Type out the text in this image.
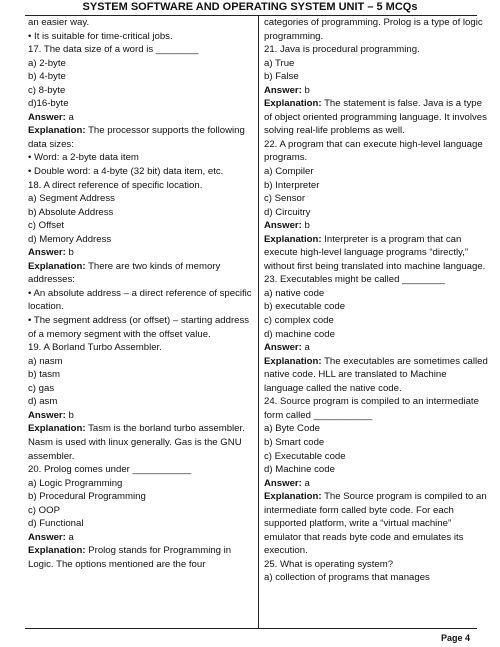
SYSTEM SOFTWARE AND OPERATING SYSTEM UNIT – 5 MCQs
an easier way.
• It is suitable for time-critical jobs.
17. The data size of a word is ________
a) 2-byte
b) 4-byte
c) 8-byte
d)16-byte
Answer: a
Explanation: The processor supports the following data sizes:
• Word: a 2-byte data item
• Double word: a 4-byte (32 bit) data item, etc.
18. A direct reference of specific location.
a) Segment Address
b) Absolute Address
c) Offset
d) Memory Address
Answer: b
Explanation: There are two kinds of memory addresses:
• An absolute address – a direct reference of specific location.
• The segment address (or offset) – starting address of a memory segment with the offset value.
19. A Borland Turbo Assembler.
a) nasm
b) tasm
c) gas
d) asm
Answer: b
Explanation: Tasm is the borland turbo assembler. Nasm is used with linux generally. Gas is the GNU assembler.
20. Prolog comes under ___________
a) Logic Programming
b) Procedural Programming
c) OOP
d) Functional
Answer: a
Explanation: Prolog stands for Programming in Logic. The options mentioned are the four
categories of programming. Prolog is a type of logic programming.
21. Java is procedural programming.
a) True
b) False
Answer: b
Explanation: The statement is false. Java is a type of object oriented programming language. It involves solving real-life problems as well.
22. A program that can execute high-level language programs.
a) Compiler
b) Interpreter
c) Sensor
d) Circuitry
Answer: b
Explanation: Interpreter is a program that can execute high-level language programs “directly,” without first being translated into machine language.
23. Executables might be called ________
a) native code
b) executable code
c) complex code
d) machine code
Answer: a
Explanation: The executables are sometimes called native code. HLL are translated to Machine language called the native code.
24. Source program is compiled to an intermediate form called ___________
a) Byte Code
b) Smart code
c) Executable code
d) Machine code
Answer: a
Explanation: The Source program is compiled to an intermediate form called byte code. For each supported platform, write a “virtual machine” emulator that reads byte code and emulates its execution.
25. What is operating system?
a) collection of programs that manages
Page 4
